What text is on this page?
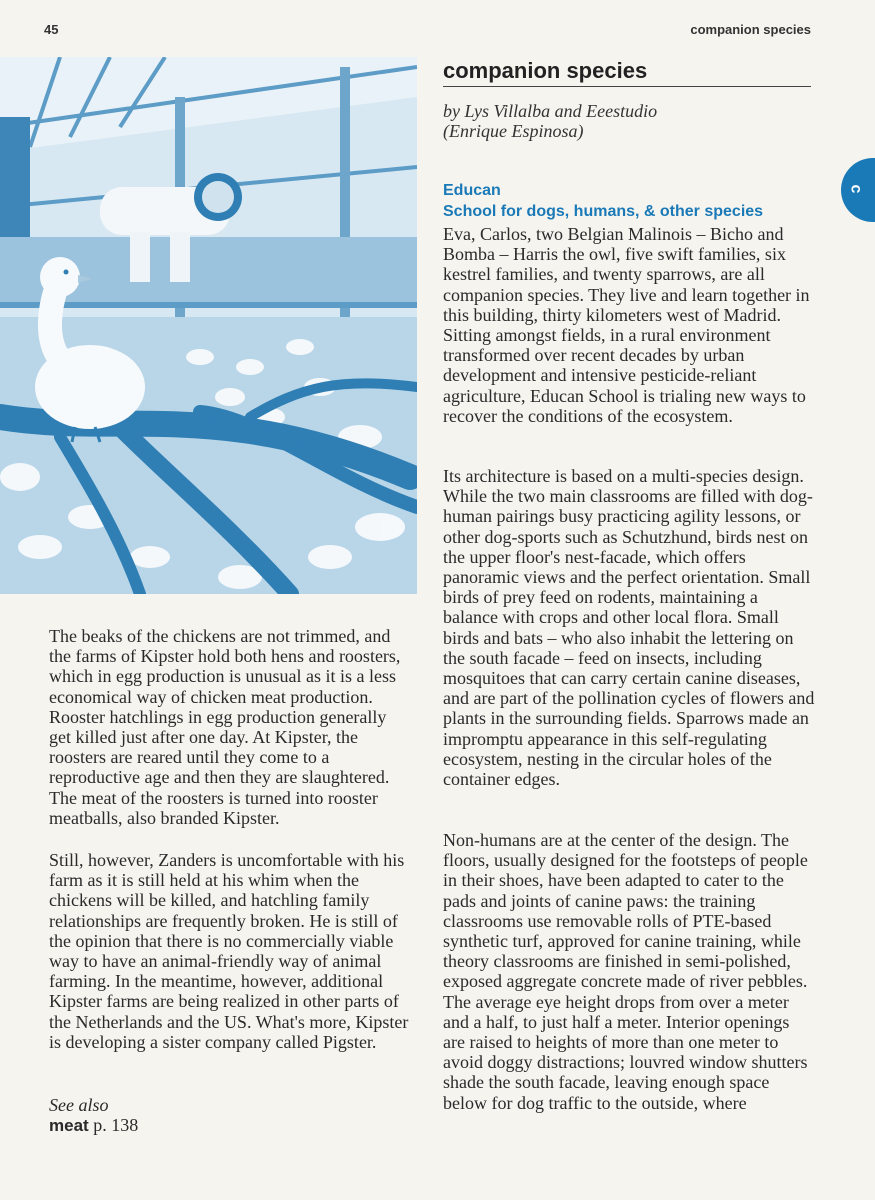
45	companion species
companion species
by Lys Villalba and Eeestudio
(Enrique Espinosa)
c
Educan
School for dogs, humans, & other species

Eva, Carlos, two Belgian Malinois – Bicho and Bomba – Harris the owl, five swift families, six kestrel families, and twenty sparrows, are all companion species. They live and learn together in this building, thirty kilometers west of Madrid. Sitting amongst fields, in a rural environment transformed over recent decades by urban development and intensive pesticide-reliant agriculture, Educan School is trialing new ways to recover the conditions of the ecosystem.

Its architecture is based on a multi-species design. While the two main classrooms are filled with dog-human pairings busy practicing agility lessons, or other dog-sports such as Schutzhund, birds nest on the upper floor's nest-facade, which offers panoramic views and the perfect orientation. Small birds of prey feed on rodents, maintaining a balance with crops and other local flora. Small birds and bats – who also inhabit the lettering on the south facade – feed on insects, including mosquitoes that can carry certain canine diseases, and are part of the pollination cycles of flowers and plants in the surrounding fields. Sparrows made an impromptu appearance in this self-regulating ecosystem, nesting in the circular holes of the container edges.

Non-humans are at the center of the design. The floors, usually designed for the footsteps of people in their shoes, have been adapted to cater to the pads and joints of canine paws: the training classrooms use removable rolls of PTE-based synthetic turf, approved for canine training, while theory classrooms are finished in semi-polished, exposed aggregate concrete made of river pebbles. The average eye height drops from over a meter and a half, to just half a meter. Interior openings are raised to heights of more than one meter to avoid doggy distractions; louvred window shutters shade the south facade, leaving enough space below for dog traffic to the outside, where

The beaks of the chickens are not trimmed, and the farms of Kipster hold both hens and roosters, which in egg production is unusual as it is a less economical way of chicken meat production. Rooster hatchlings in egg production generally get killed just after one day. At Kipster, the roosters are reared until they come to a reproductive age and then they are slaughtered. The meat of the roosters is turned into rooster meatballs, also branded Kipster.

Still, however, Zanders is uncomfortable with his farm as it is still held at his whim when the chickens will be killed, and hatchling family relationships are frequently broken. He is still of the opinion that there is no commercially viable way to have an animal-friendly way of animal farming. In the meantime, however, additional Kipster farms are being realized in other parts of the Netherlands and the US. What's more, Kipster is developing a sister company called Pigster.

See also
meat p. 138
